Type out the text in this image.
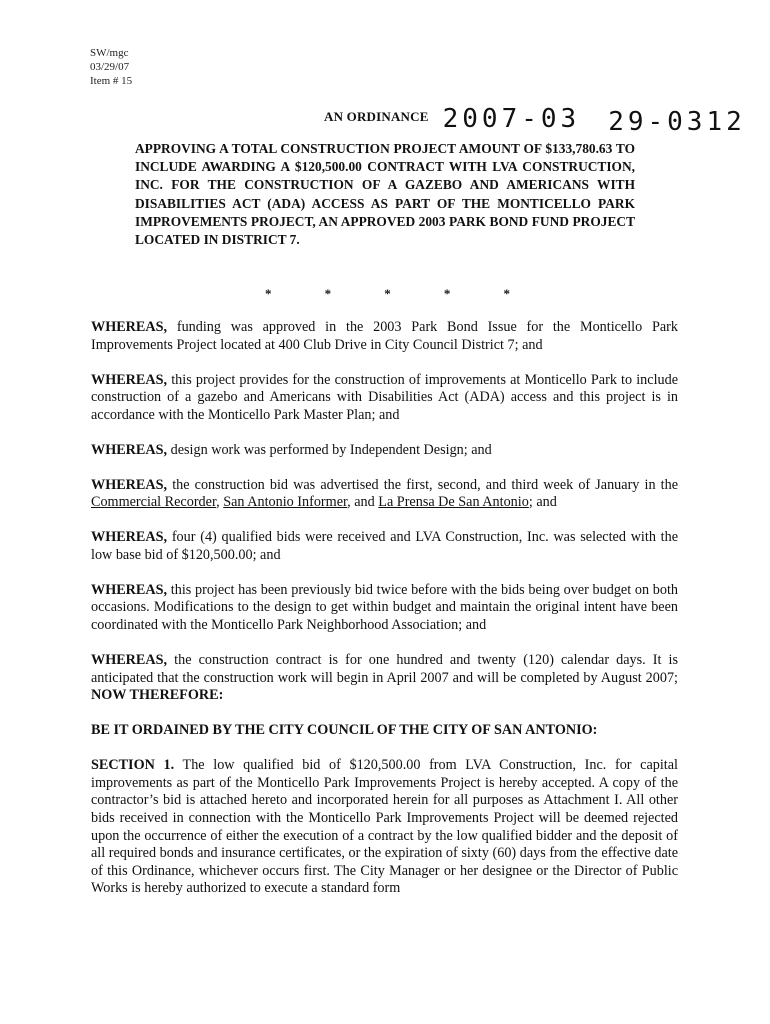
SW/mgc
03/29/07
Item # 15
$^{AN ORDINANCE}$ 2007-03 29-0312
APPROVING A TOTAL CONSTRUCTION PROJECT AMOUNT OF $133,780.63 TO INCLUDE AWARDING A $120,500.00 CONTRACT WITH LVA CONSTRUCTION, INC. FOR THE CONSTRUCTION OF A GAZEBO AND AMERICANS WITH DISABILITIES ACT (ADA) ACCESS AS PART OF THE MONTICELLO PARK IMPROVEMENTS PROJECT, AN APPROVED 2003 PARK BOND FUND PROJECT LOCATED IN DISTRICT 7.
*	*	*	*	*

WHEREAS, funding was approved in the 2003 Park Bond Issue for the Monticello Park Improvements Project located at 400 Club Drive in City Council District 7; and

WHEREAS, this project provides for the construction of improvements at Monticello Park to include construction of a gazebo and Americans with Disabilities Act (ADA) access and this project is in accordance with the Monticello Park Master Plan; and

WHEREAS, design work was performed by Independent Design; and

WHEREAS, the construction bid was advertised the first, second, and third week of January in the Commercial Recorder, San Antonio Informer, and La Prensa De San Antonio; and

WHEREAS, four (4) qualified bids were received and LVA Construction, Inc. was selected with the low base bid of $120,500.00; and

WHEREAS, this project has been previously bid twice before with the bids being over budget on both occasions. Modifications to the design to get within budget and maintain the original intent have been coordinated with the Monticello Park Neighborhood Association; and

WHEREAS, the construction contract is for one hundred and twenty (120) calendar days. It is anticipated that the construction work will begin in April 2007 and will be completed by August 2007; NOW THEREFORE:

BE IT ORDAINED BY THE CITY COUNCIL OF THE CITY OF SAN ANTONIO:

SECTION 1. The low qualified bid of $120,500.00 from LVA Construction, Inc. for capital improvements as part of the Monticello Park Improvements Project is hereby accepted. A copy of the contractor’s bid is attached hereto and incorporated herein for all purposes as Attachment I. All other bids received in connection with the Monticello Park Improvements Project will be deemed rejected upon the occurrence of either the execution of a contract by the low qualified bidder and the deposit of all required bonds and insurance certificates, or the expiration of sixty (60) days from the effective date of this Ordinance, whichever occurs first. The City Manager or her designee or the Director of Public Works is hereby authorized to execute a standard form
